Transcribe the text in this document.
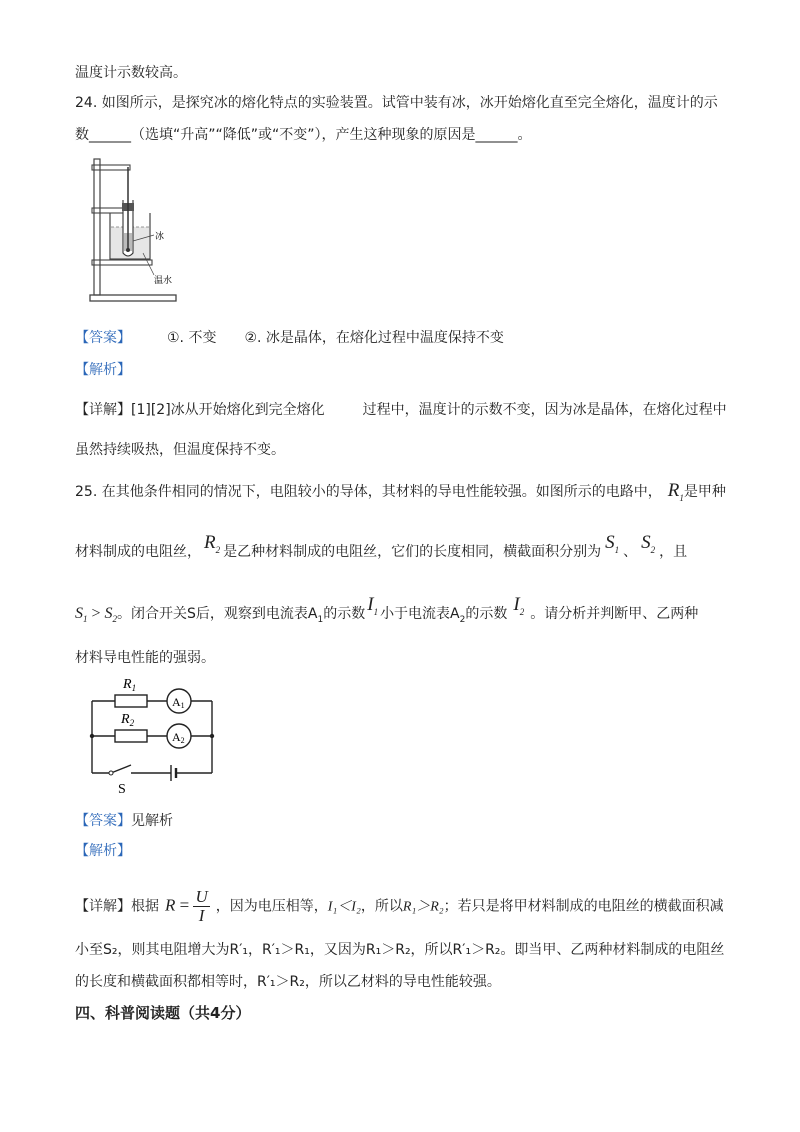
温度计示数较高。
24. 如图所示，是探究冰的熔化特点的实验装置。试管中装有冰，冰开始熔化直至完全熔化，温度计的示
数______（选填“升高”“降低”或“不变”），产生这种现象的原因是______。
冰
温水
【答案】	①. 不变　　②. 冰是晶体，在熔化过程中温度保持不变
【解析】
【详解】[1][2]冰从开始熔化到完全熔化	过程中，温度计的示数不变，因为冰是晶体，在熔化过程中
虽然持续吸热，但温度保持不变。
25. 在其他条件相同的情况下，电阻较小的导体，其材料的导电性能较强。如图所示的电路中， $R_1$是甲种
材料制成的电阻丝， $R_2$ 是乙种材料制成的电阻丝，它们的长度相同，横截面积分别为 $S_1$ 、 $S_2$ ，且
$S_1 > S_2$。闭合开关S后，观察到电流表$A_1$的示数 $I_1$ 小于电流表$A_2$的示数 $I_2$ 。请分析并判断甲、乙两种
材料导电性能的强弱。
$R_1$
$R_2$
A1
A2
S
【答案】见解析
【解析】
【详解】根据 $R = \frac{U}{I}$ ，因为电压相等，I₁＜I₂，所以R₁＞R₂；若只是将甲材料制成的电阻丝的横截面积减
小至S₂，则其电阻增大为R′₁，R′₁＞R₁，又因为R₁＞R₂，所以R′₁＞R₂。即当甲、乙两种材料制成的电阻丝
的长度和横截面积都相等时，R′₁＞R₂，所以乙材料的导电性能较强。
四、科普阅读题（共4分）
